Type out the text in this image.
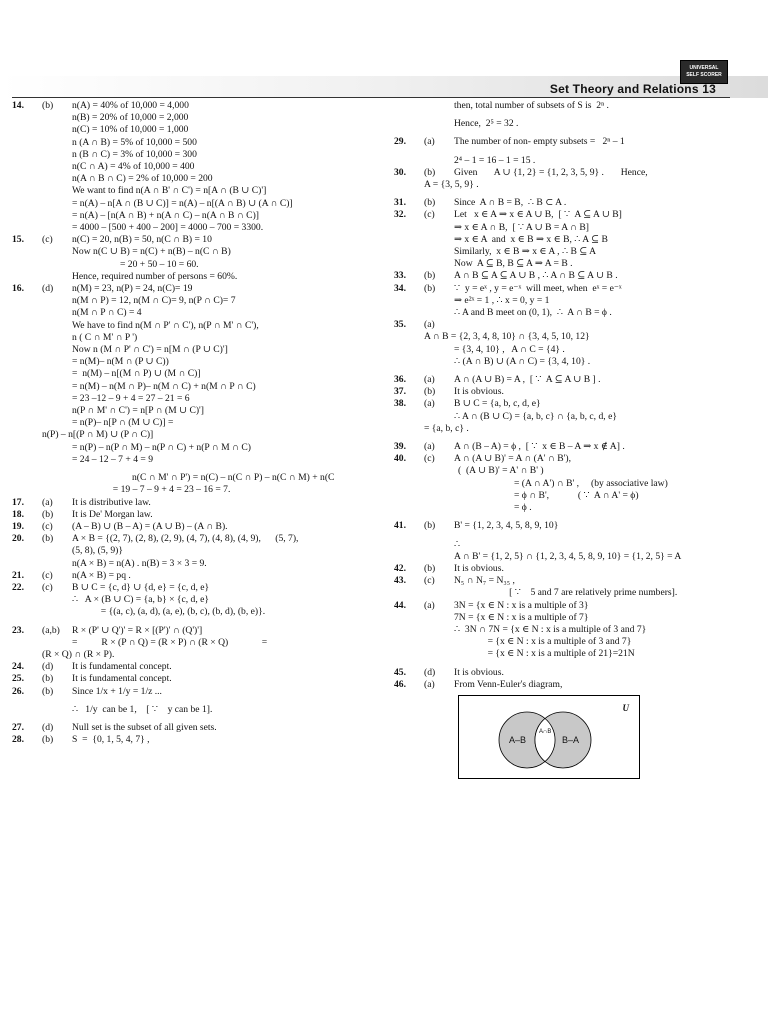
UNIVERSAL
SELF SCORER
Set Theory and Relations 13
14.	(b)	n(A) = 40% of 10,000 = 4,000
n(B) = 20% of 10,000 = 2,000
n(C) = 10% of 10,000 = 1,000
n (A ∩ B) = 5% of 10,000 = 500
n (B ∩ C) = 3% of 10,000 = 300
n(C ∩ A) = 4% of 10,000 = 400
n(A ∩ B ∩ C) = 2% of 10,000 = 200
We want to find n(A ∩ B' ∩ C') = n[A ∩ (B ∪ C)']
= n(A) – n[A ∩ (B ∪ C)] = n(A) – n[(A ∩ B) ∪ (A ∩ C)]
= n(A) – [n(A ∩ B) + n(A ∩ C) – n(A ∩ B ∩ C)]
= 4000 – [500 + 400 – 200] = 4000 – 700 = 3300.
15.	(c)	n(C) = 20, n(B) = 50, n(C ∩ B) = 10
Now n(C ∪ B) = n(C) + n(B) – n(C ∩ B)
= 20 + 50 – 10 = 60.
Hence, required number of persons = 60%.
16.	(d)	n(M) = 23, n(P) = 24, n(C)= 19
n(M ∩ P) = 12, n(M ∩ C)= 9, n(P ∩ C)= 7
n(M ∩ P ∩ C) = 4
We have to find n(M ∩ P' ∩ C'), n(P ∩ M' ∩ C'),
n ( C ∩ M' ∩ P ')
Now n (M ∩ P' ∩ C') = n[M ∩ (P ∪ C)']
= n(M)– n(M ∩ (P ∪ C))
=  n(M) – n[(M ∩ P) ∪ (M ∩ C)]
= n(M) – n(M ∩ P)– n(M ∩ C) + n(M ∩ P ∩ C)
= 23 –12 – 9 + 4 = 27 – 21 = 6
n(P ∩ M' ∩ C') = n[P ∩ (M ∪ C)']
= n(P)– n[P ∩ (M ∪ C)] =
n(P) – n[(P ∩ M) ∪ (P ∩ C)]
= n(P) – n(P ∩ M) – n(P ∩ C) + n(P ∩ M ∩ C)
= 24 – 12 – 7 + 4 = 9
n(C ∩ M' ∩ P') = n(C) – n(C ∩ P) – n(C ∩ M) + n(C
= 19 – 7 – 9 + 4 = 23 – 16 = 7.
17.	(a)	It is distributive law.
18.	(b)	It is De' Morgan law.
19.	(c)	(A – B) ∪ (B – A) = (A ∪ B) – (A ∩ B).
20.	(b)	A × B = {(2, 7), (2, 8), (2, 9), (4, 7), (4, 8), (4, 9),      (5, 7),
(5, 8), (5, 9)}
n(A × B) = n(A) . n(B) = 3 × 3 = 9.
21.	(c)	n(A × B) = pq .
22.	(c)	B ∪ C = {c, d} ∪ {d, e} = {c, d, e}
∴   A × (B ∪ C) = {a, b} × {c, d, e}
= {(a, c), (a, d), (a, e), (b, c), (b, d), (b, e)}.
23.	(a,b)	R × (P' ∪ Q')' = R × [(P')' ∩ (Q')']
=          R × (P ∩ Q) = (R × P) ∩ (R × Q)              =
(R × Q) ∩ (R × P).
24.	(d)	It is fundamental concept.
25.	(b)	It is fundamental concept.
26.	(b)	Since 1/x + 1/y = 1/z ...
∴   1/y  can be 1,    [ ∵    y can be 1].
27.	(d)	Null set is the subset of all given sets.
28.	(b)	S  =  {0, 1, 5, 4, 7} ,
then, total number of subsets of S is  2ⁿ .
Hence,  2⁵ = 32 .
29.	(a)	The number of non- empty subsets =   2ⁿ – 1
2⁴ – 1 = 16 – 1 = 15 .
30.	(b)	Given       A ∪ {1, 2} = {1, 2, 3, 5, 9} .       Hence,
A = {3, 5, 9} .
31.	(b)	Since  A ∩ B = B,  ∴ B ⊂ A .
32.	(c)	Let   x ∈ A ⇒ x ∈ A ∪ B,  [ ∵  A ⊆ A ∪ B]
⇒ x ∈ A ∩ B,  [ ∵ A ∪ B = A ∩ B]
⇒ x ∈ A  and  x ∈ B ⇒ x ∈ B, ∴ A ⊆ B
Similarly,  x ∈ B ⇒ x ∈ A , ∴ B ⊆ A
Now  A ⊆ B, B ⊆ A ⇒ A = B .
33.	(b)	A ∩ B ⊆ A ⊆ A ∪ B , ∴ A ∩ B ⊆ A ∪ B .
34.	(b)	∵  y = eˣ , y = e⁻ˣ  will meet, when  eˣ = e⁻ˣ
⇒ e²ˣ = 1 , ∴ x = 0, y = 1
∴ A and B meet on (0, 1),  ∴  A ∩ B = ϕ .
35.	(a)
A ∩ B = {2, 3, 4, 8, 10} ∩ {3, 4, 5, 10, 12}
= {3, 4, 10} ,   A ∩ C = {4} .
∴ (A ∩ B) ∪ (A ∩ C) = {3, 4, 10} .
36.	(a)	A ∩ (A ∪ B) = A ,  [ ∵  A ⊆ A ∪ B ] .
37.	(b)	It is obvious.
38.	(a)	B ∪ C = {a, b, c, d, e}
∴ A ∩ (B ∪ C) = {a, b, c} ∩ {a, b, c, d, e}
= {a, b, c} .
39.	(a)	A ∩ (B – A) = ϕ ,  [ ∵  x ∈ B – A ⇒ x ∉ A] .
40.	(c)	A ∩ (A ∪ B)' = A ∩ (A' ∩ B'),
(  (A ∪ B)' = A' ∩ B' )
= (A ∩ A') ∩ B' ,     (by associative law)
= ϕ ∩ B',            ( ∵  A ∩ A' = ϕ)
= ϕ .
41.	(b)	B' = {1, 2, 3, 4, 5, 8, 9, 10}
∴
A ∩ B' = {1, 2, 5} ∩ {1, 2, 3, 4, 5, 8, 9, 10} = {1, 2, 5} = A
42.	(b)	It is obvious.
43.	(c)	N₅ ∩ N₇ = N₃₅ ,
[ ∵    5 and 7 are relatively prime numbers].
44.	(a)	3N = {x ∈ N : x is a multiple of 3}
7N = {x ∈ N : x is a multiple of 7}
∴  3N ∩ 7N = {x ∈ N : x is a multiple of 3 and 7}
= {x ∈ N : x is a multiple of 3 and 7}
= {x ∈ N : x is a multiple of 21}=21N
45.	(d)	It is obvious.
46.	(a)	From Venn-Euler's diagram,
U
A–B
A∩B
B–A
